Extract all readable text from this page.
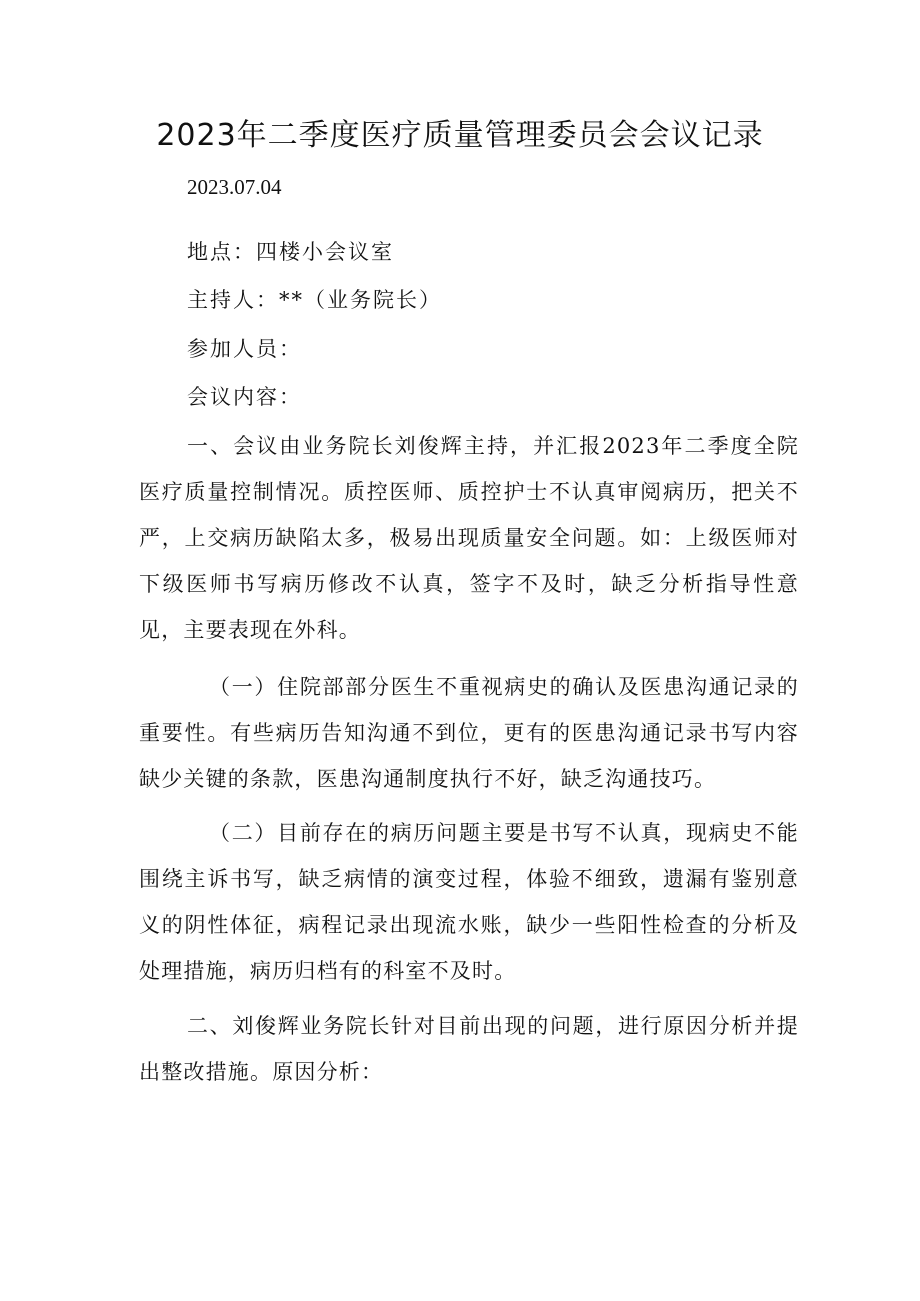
2023年二季度医疗质量管理委员会会议记录
2023.07.04
地点：四楼小会议室
主持人：**（业务院长）
参加人员：
会议内容：
一、会议由业务院长刘俊辉主持，并汇报2023年二季度全院医疗质量控制情况。质控医师、质控护士不认真审阅病历，把关不严，上交病历缺陷太多，极易出现质量安全问题。如：上级医师对下级医师书写病历修改不认真，签字不及时，缺乏分析指导性意见，主要表现在外科。
（一）住院部部分医生不重视病史的确认及医患沟通记录的重要性。有些病历告知沟通不到位，更有的医患沟通记录书写内容缺少关键的条款，医患沟通制度执行不好，缺乏沟通技巧。
（二）目前存在的病历问题主要是书写不认真，现病史不能围绕主诉书写，缺乏病情的演变过程，体验不细致，遗漏有鉴别意义的阴性体征，病程记录出现流水账，缺少一些阳性检查的分析及处理措施，病历归档有的科室不及时。
二、刘俊辉业务院长针对目前出现的问题，进行原因分析并提出整改措施。原因分析：
